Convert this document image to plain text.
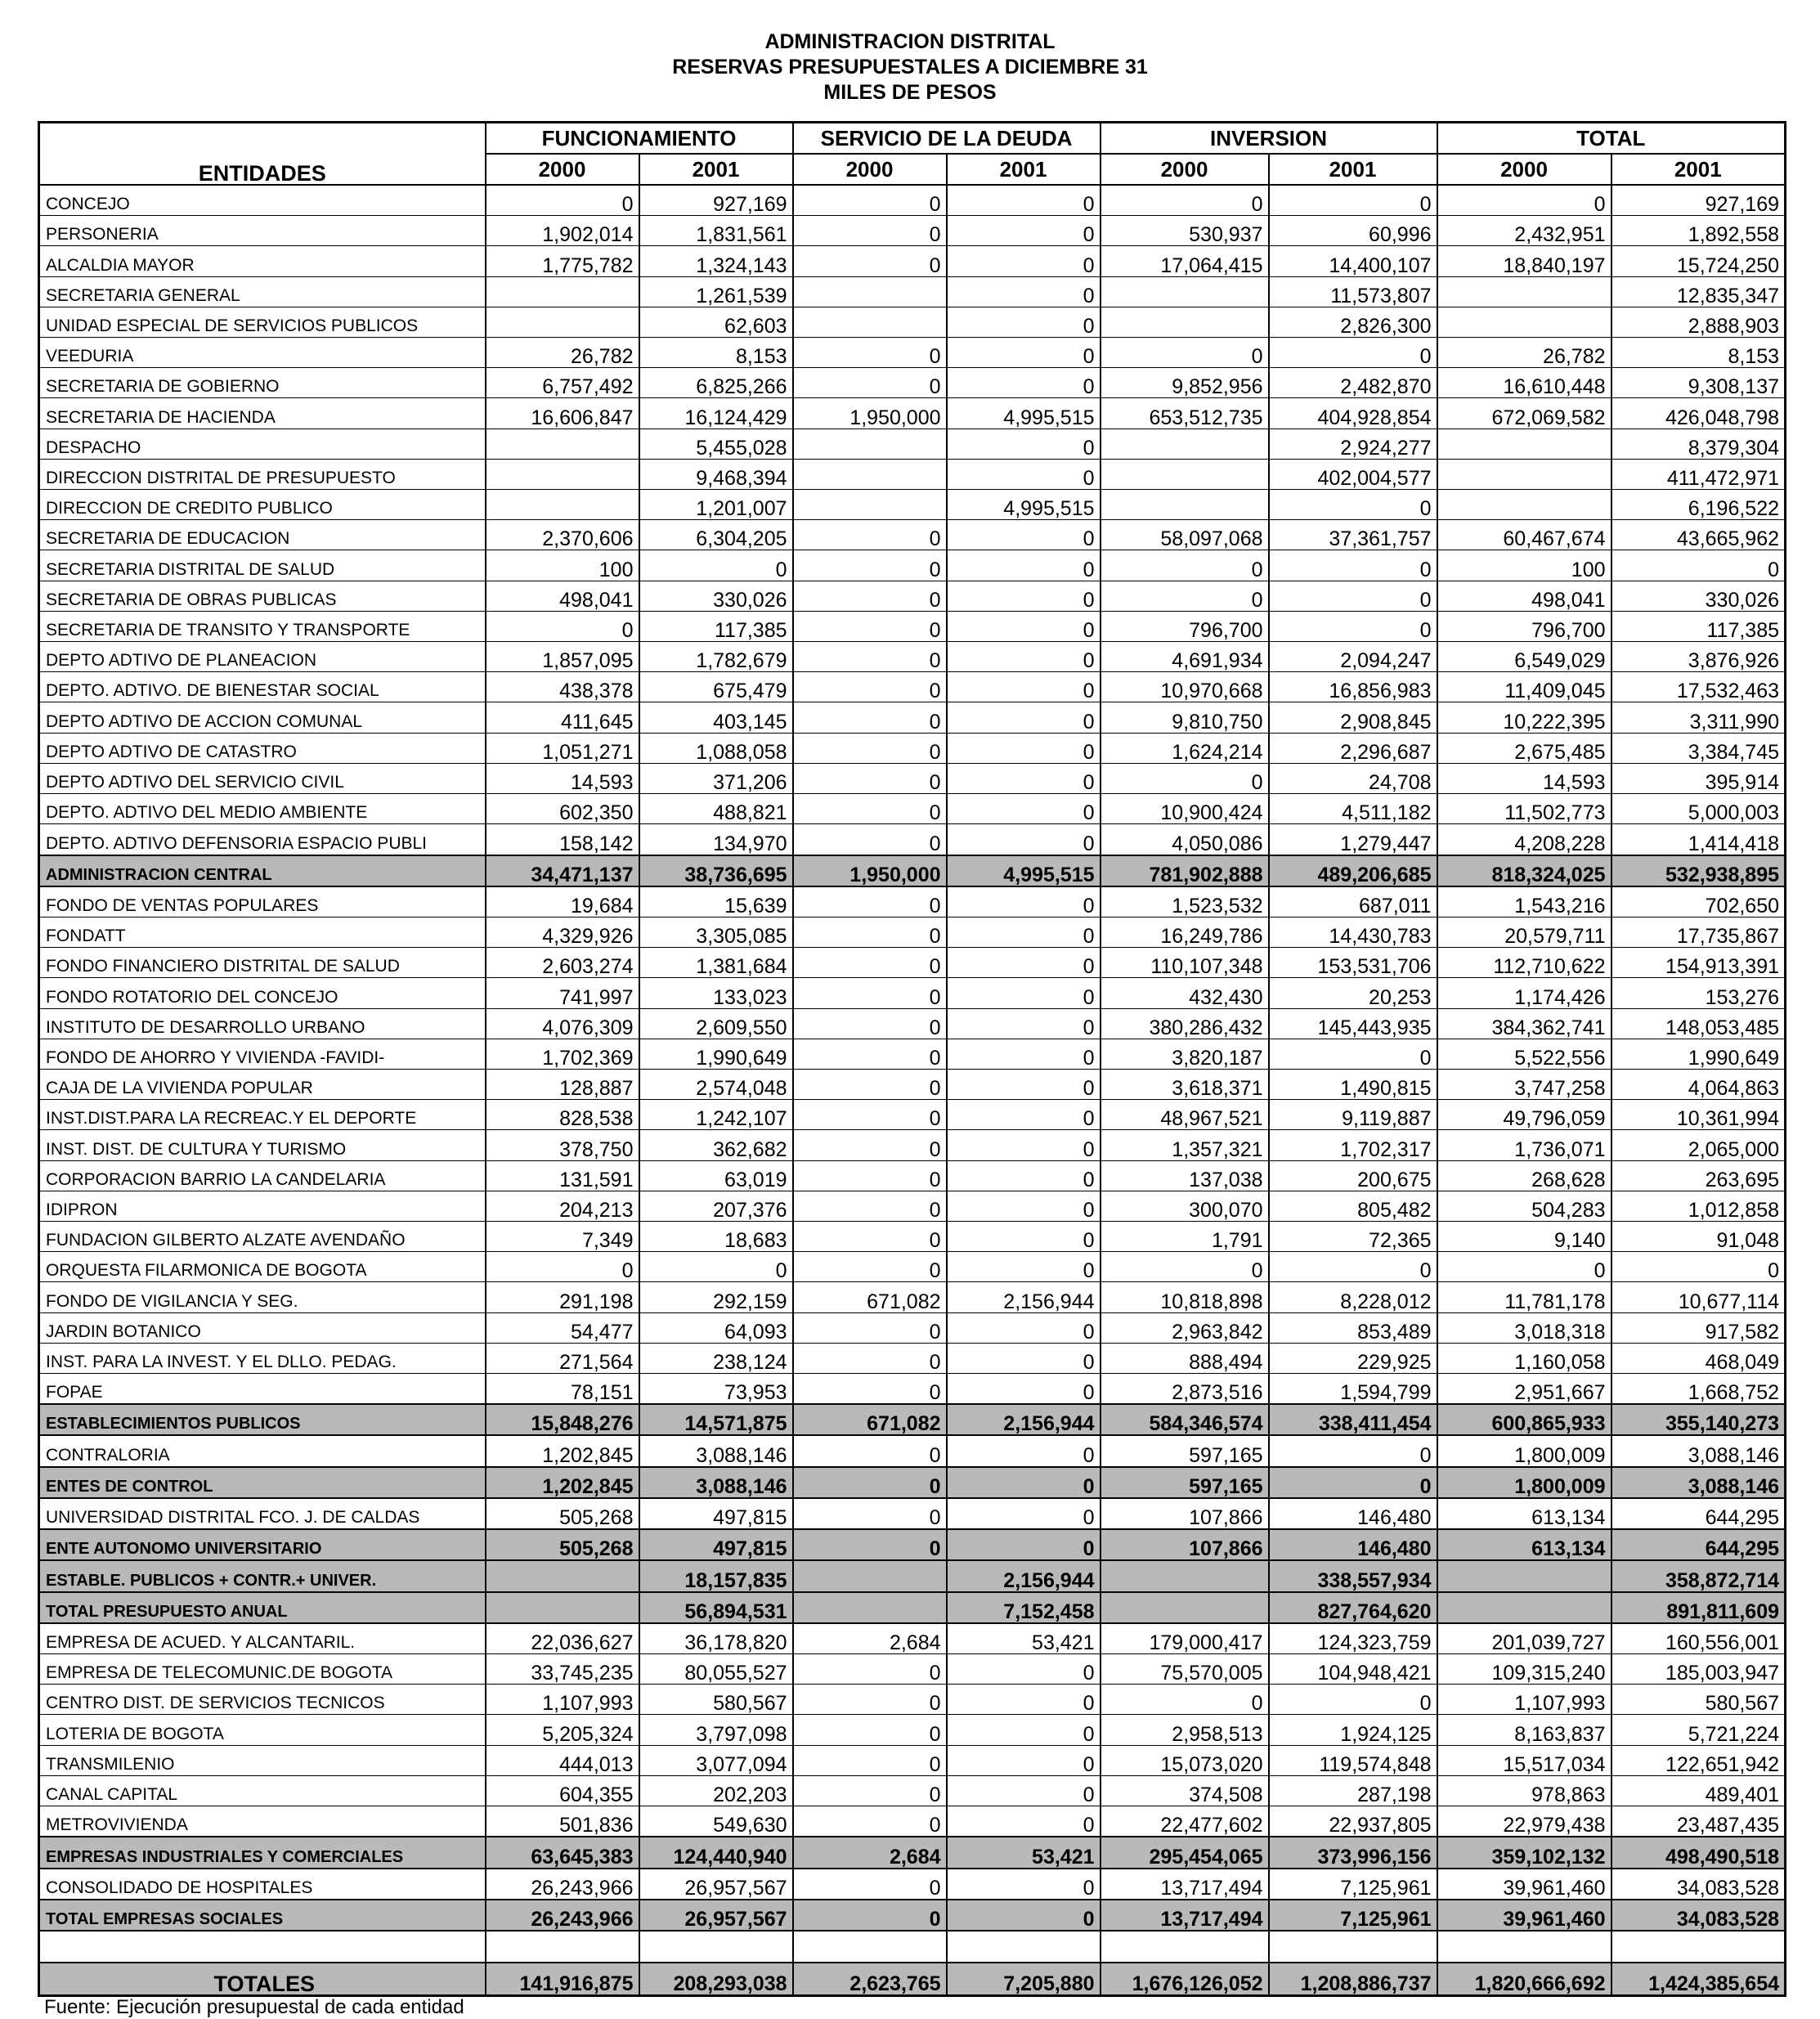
ADMINISTRACION DISTRITAL
RESERVAS PRESUPUESTALES A DICIEMBRE 31
MILES DE PESOS
ENTIDADES	FUNCIONAMIENTO		SERVICIO DE LA DEUDA		INVERSION		TOTAL	
	2000	2001	2000	2001	2000	2001	2000	2001
CONCEJO	0	927,169	0	0	0	0	0	927,169
PERSONERIA	1,902,014	1,831,561	0	0	530,937	60,996	2,432,951	1,892,558
ALCALDIA MAYOR	1,775,782	1,324,143	0	0	17,064,415	14,400,107	18,840,197	15,724,250
SECRETARIA GENERAL		1,261,539		0		11,573,807		12,835,347
UNIDAD ESPECIAL DE SERVICIOS PUBLICOS		62,603		0		2,826,300		2,888,903
VEEDURIA	26,782	8,153	0	0	0	0	26,782	8,153
SECRETARIA DE GOBIERNO	6,757,492	6,825,266	0	0	9,852,956	2,482,870	16,610,448	9,308,137
SECRETARIA DE HACIENDA	16,606,847	16,124,429	1,950,000	4,995,515	653,512,735	404,928,854	672,069,582	426,048,798
DESPACHO		5,455,028		0		2,924,277		8,379,304
DIRECCION DISTRITAL DE PRESUPUESTO		9,468,394		0		402,004,577		411,472,971
DIRECCION DE CREDITO PUBLICO		1,201,007		4,995,515		0		6,196,522
SECRETARIA DE EDUCACION	2,370,606	6,304,205	0	0	58,097,068	37,361,757	60,467,674	43,665,962
SECRETARIA DISTRITAL DE SALUD	100	0	0	0	0	0	100	0
SECRETARIA DE OBRAS PUBLICAS	498,041	330,026	0	0	0	0	498,041	330,026
SECRETARIA DE TRANSITO Y TRANSPORTE	0	117,385	0	0	796,700	0	796,700	117,385
DEPTO ADTIVO DE PLANEACION	1,857,095	1,782,679	0	0	4,691,934	2,094,247	6,549,029	3,876,926
DEPTO. ADTIVO. DE BIENESTAR SOCIAL	438,378	675,479	0	0	10,970,668	16,856,983	11,409,045	17,532,463
DEPTO ADTIVO DE ACCION COMUNAL	411,645	403,145	0	0	9,810,750	2,908,845	10,222,395	3,311,990
DEPTO ADTIVO DE CATASTRO	1,051,271	1,088,058	0	0	1,624,214	2,296,687	2,675,485	3,384,745
DEPTO ADTIVO DEL SERVICIO CIVIL	14,593	371,206	0	0	0	24,708	14,593	395,914
DEPTO. ADTIVO DEL MEDIO AMBIENTE	602,350	488,821	0	0	10,900,424	4,511,182	11,502,773	5,000,003
DEPTO. ADTIVO DEFENSORIA ESPACIO PUBLI	158,142	134,970	0	0	4,050,086	1,279,447	4,208,228	1,414,418
ADMINISTRACION CENTRAL	34,471,137	38,736,695	1,950,000	4,995,515	781,902,888	489,206,685	818,324,025	532,938,895
FONDO DE VENTAS POPULARES	19,684	15,639	0	0	1,523,532	687,011	1,543,216	702,650
FONDATT	4,329,926	3,305,085	0	0	16,249,786	14,430,783	20,579,711	17,735,867
FONDO FINANCIERO DISTRITAL DE SALUD	2,603,274	1,381,684	0	0	110,107,348	153,531,706	112,710,622	154,913,391
FONDO ROTATORIO DEL CONCEJO	741,997	133,023	0	0	432,430	20,253	1,174,426	153,276
INSTITUTO DE DESARROLLO URBANO	4,076,309	2,609,550	0	0	380,286,432	145,443,935	384,362,741	148,053,485
FONDO DE AHORRO Y VIVIENDA -FAVIDI-	1,702,369	1,990,649	0	0	3,820,187	0	5,522,556	1,990,649
CAJA DE LA VIVIENDA POPULAR	128,887	2,574,048	0	0	3,618,371	1,490,815	3,747,258	4,064,863
INST.DIST.PARA LA RECREAC.Y EL DEPORTE	828,538	1,242,107	0	0	48,967,521	9,119,887	49,796,059	10,361,994
INST. DIST. DE CULTURA Y TURISMO	378,750	362,682	0	0	1,357,321	1,702,317	1,736,071	2,065,000
CORPORACION BARRIO LA CANDELARIA	131,591	63,019	0	0	137,038	200,675	268,628	263,695
IDIPRON	204,213	207,376	0	0	300,070	805,482	504,283	1,012,858
FUNDACION GILBERTO ALZATE AVENDAÑO	7,349	18,683	0	0	1,791	72,365	9,140	91,048
ORQUESTA FILARMONICA DE BOGOTA	0	0	0	0	0	0	0	0
FONDO DE VIGILANCIA Y SEG.	291,198	292,159	671,082	2,156,944	10,818,898	8,228,012	11,781,178	10,677,114
JARDIN BOTANICO	54,477	64,093	0	0	2,963,842	853,489	3,018,318	917,582
INST. PARA LA INVEST. Y EL DLLO. PEDAG.	271,564	238,124	0	0	888,494	229,925	1,160,058	468,049
FOPAE	78,151	73,953	0	0	2,873,516	1,594,799	2,951,667	1,668,752
ESTABLECIMIENTOS PUBLICOS	15,848,276	14,571,875	671,082	2,156,944	584,346,574	338,411,454	600,865,933	355,140,273
CONTRALORIA	1,202,845	3,088,146	0	0	597,165	0	1,800,009	3,088,146
ENTES DE CONTROL	1,202,845	3,088,146	0	0	597,165	0	1,800,009	3,088,146
UNIVERSIDAD DISTRITAL FCO. J. DE CALDAS	505,268	497,815	0	0	107,866	146,480	613,134	644,295
ENTE AUTONOMO UNIVERSITARIO	505,268	497,815	0	0	107,866	146,480	613,134	644,295
ESTABLE. PUBLICOS + CONTR.+ UNIVER.		18,157,835		2,156,944		338,557,934		358,872,714
TOTAL PRESUPUESTO ANUAL		56,894,531		7,152,458		827,764,620		891,811,609
EMPRESA DE ACUED. Y ALCANTARIL.	22,036,627	36,178,820	2,684	53,421	179,000,417	124,323,759	201,039,727	160,556,001
EMPRESA DE TELECOMUNIC.DE BOGOTA	33,745,235	80,055,527	0	0	75,570,005	104,948,421	109,315,240	185,003,947
CENTRO DIST. DE SERVICIOS TECNICOS	1,107,993	580,567	0	0	0	0	1,107,993	580,567
LOTERIA DE BOGOTA	5,205,324	3,797,098	0	0	2,958,513	1,924,125	8,163,837	5,721,224
TRANSMILENIO	444,013	3,077,094	0	0	15,073,020	119,574,848	15,517,034	122,651,942
CANAL CAPITAL	604,355	202,203	0	0	374,508	287,198	978,863	489,401
METROVIVIENDA	501,836	549,630	0	0	22,477,602	22,937,805	22,979,438	23,487,435
EMPRESAS INDUSTRIALES Y COMERCIALES	63,645,383	124,440,940	2,684	53,421	295,454,065	373,996,156	359,102,132	498,490,518
CONSOLIDADO DE HOSPITALES	26,243,966	26,957,567	0	0	13,717,494	7,125,961	39,961,460	34,083,528
TOTAL EMPRESAS SOCIALES	26,243,966	26,957,567	0	0	13,717,494	7,125,961	39,961,460	34,083,528

TOTALES	141,916,875	208,293,038	2,623,765	7,205,880	1,676,126,052	1,208,886,737	1,820,666,692	1,424,385,654
Fuente: Ejecución presupuestal de cada entidad
